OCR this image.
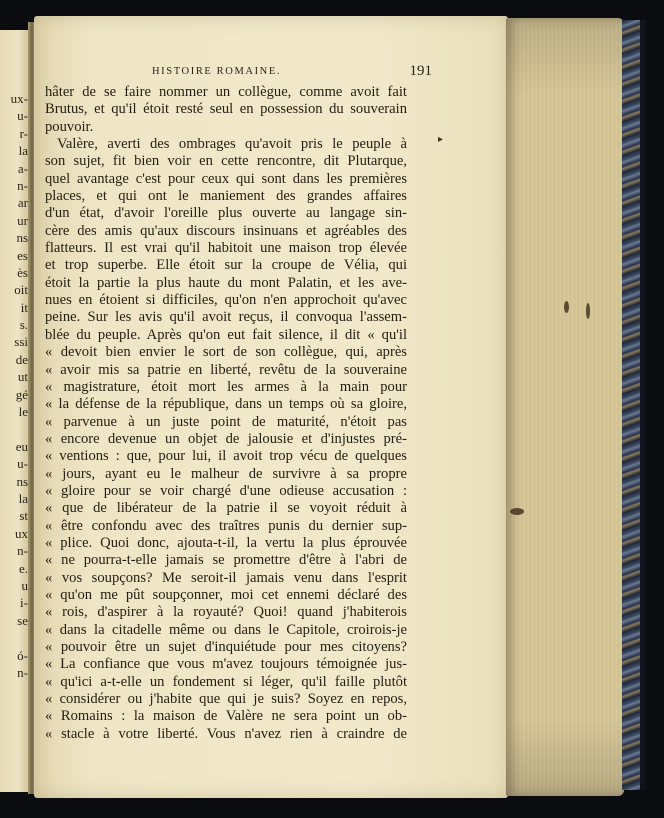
ux-
u-
r-
la
a-
n-
ar
ur
ns
es
ès
oit
it
s.
ssi
de
ut
gé
le
eu
u-
ns
la
st
ux
n-
e.
u
i-
se
ó-
n-
HISTOIRE ROMAINE.	191
▸
hâter de se faire nommer un collègue, comme avoit fait
Brutus, et qu'il étoit resté seul en possession du souverain
pouvoir.
Valère, averti des ombrages qu'avoit pris le peuple à
son sujet, fit bien voir en cette rencontre, dit Plutarque,
quel avantage c'est pour ceux qui sont dans les premières
places, et qui ont le maniement des grandes affaires
d'un état, d'avoir l'oreille plus ouverte au langage sin-
cère des amis qu'aux discours insinuans et agréables des
flatteurs. Il est vrai qu'il habitoit une maison trop élevée
et trop superbe. Elle étoit sur la croupe de Vélia, qui
étoit la partie la plus haute du mont Palatin, et les ave-
nues en étoient si difficiles, qu'on n'en approchoit qu'avec
peine. Sur les avis qu'il avoit reçus, il convoqua l'assem-
blée du peuple. Après qu'on eut fait silence, il dit « qu'il
« devoit bien envier le sort de son collègue, qui, après
« avoir mis sa patrie en liberté, revêtu de la souveraine
« magistrature, étoit mort les armes à la main pour
« la défense de la république, dans un temps où sa gloire,
« parvenue à un juste point de maturité, n'étoit pas
« encore devenue un objet de jalousie et d'injustes pré-
« ventions : que, pour lui, il avoit trop vécu de quelques
« jours, ayant eu le malheur de survivre à sa propre
« gloire pour se voir chargé d'une odieuse accusation :
« que de libérateur de la patrie il se voyoit réduit à
« être confondu avec des traîtres punis du dernier sup-
« plice. Quoi donc, ajouta-t-il, la vertu la plus éprouvée
« ne pourra-t-elle jamais se promettre d'être à l'abri de
« vos soupçons? Me seroit-il jamais venu dans l'esprit
« qu'on me pût soupçonner, moi cet ennemi déclaré des
« rois, d'aspirer à la royauté? Quoi! quand j'habiterois
« dans la citadelle même ou dans le Capitole, croirois-je
« pouvoir être un sujet d'inquiétude pour mes citoyens?
« La confiance que vous m'avez toujours témoignée jus-
« qu'ici a-t-elle un fondement si léger, qu'il faille plutôt
« considérer ou j'habite que qui je suis? Soyez en repos,
« Romains : la maison de Valère ne sera point un ob-
« stacle à votre liberté. Vous n'avez rien à craindre de
